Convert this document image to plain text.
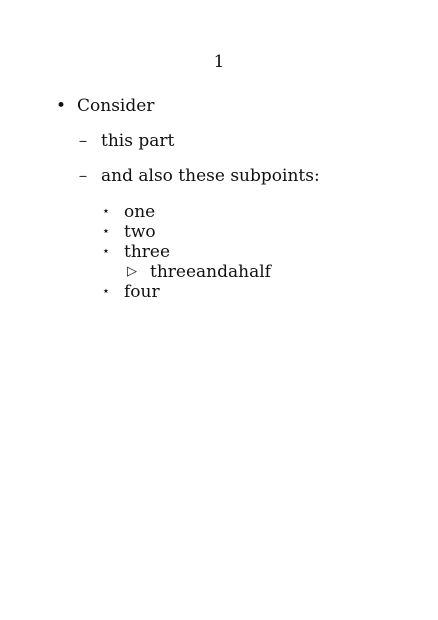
1
• Consider
– this part
– and also these subpoints:
⋆ one
⋆ two
⋆ three
▷ threeandahalf
⋆ four
